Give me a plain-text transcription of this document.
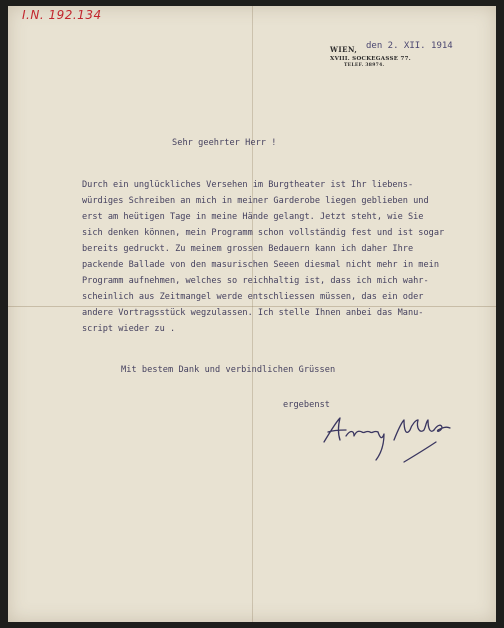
I.N. 192.134
WIEN, den 2. XII. 1914
XVIII. SOCKEGASSE 77.
TELEF. 38974.
Sehr geehrter Herr !
Durch ein unglückliches Versehen im Burgtheater ist Ihr liebens-
würdiges Schreiben an mich in meiner Garderobe liegen geblieben und
erst am heütigen Tage in meine Hände gelangt. Jetzt steht, wie Sie
sich denken können, mein Programm schon vollständig fest und ist sogar
bereits gedruckt. Zu meinem grossen Bedauern kann ich daher Ihre
packende Ballade von den masurischen Seeen diesmal nicht mehr in mein
Programm aufnehmen, welches so reichhaltig ist, dass ich mich wahr-
scheinlich aus Zeitmangel werde entschliessen müssen, das ein oder
andere Vortragsstück wegzulassen. Ich stelle Ihnen anbei das Manu-
script wieder zu .
Mit bestem Dank und verbindlichen Grüssen
ergebenst
